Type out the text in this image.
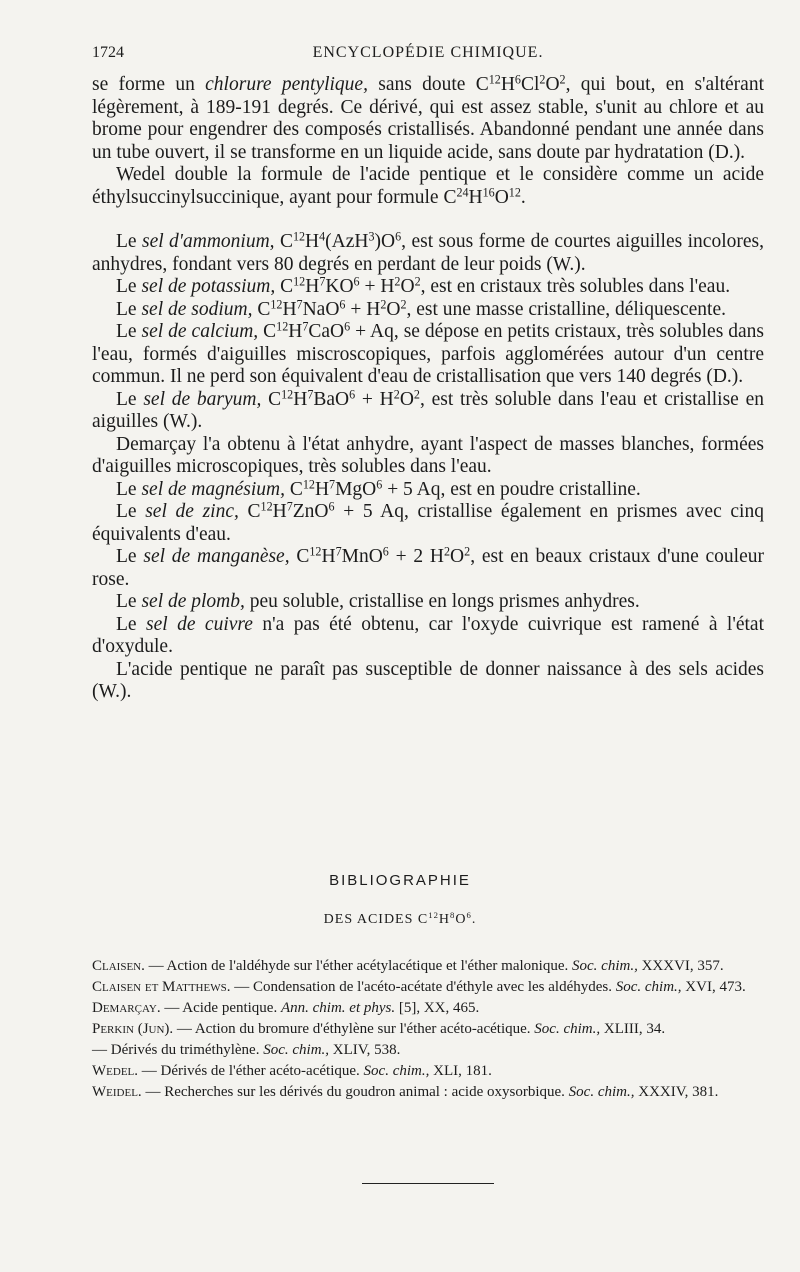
1724	ENCYCLOPÉDIE CHIMIQUE.

se forme un chlorure pentylique, sans doute $C^{12}H^6Cl^2O^2$, qui bout, en s'altérant légèrement, à 189-191 degrés. Ce dérivé, qui est assez stable, s'unit au chlore et au brome pour engendrer des composés cristallisés. Abandonné pendant une année dans un tube ouvert, il se transforme en un liquide acide, sans doute par hydratation (D.).

Wedel double la formule de l'acide pentique et le considère comme un acide éthylsuccinylsuccinique, ayant pour formule $C^{24}H^{16}O^{12}$.

Le sel d'ammonium, $C^{12}H^4(AzH^3)O^6$, est sous forme de courtes aiguilles incolores, anhydres, fondant vers 80 degrés en perdant de leur poids (W.).

Le sel de potassium, $C^{12}H^7KO^6 + H^2O^2$, est en cristaux très solubles dans l'eau.

Le sel de sodium, $C^{12}H^7NaO^6 + H^2O^2$, est une masse cristalline, déliquescente.

Le sel de calcium, $C^{12}H^7CaO^6 + Aq$, se dépose en petits cristaux, très solubles dans l'eau, formés d'aiguilles miscroscopiques, parfois agglomérées autour d'un centre commun. Il ne perd son équivalent d'eau de cristallisation que vers 140 degrés (D.).

Le sel de baryum, $C^{12}H^7BaO^6 + H^2O^2$, est très soluble dans l'eau et cristallise en aiguilles (W.).

Demarçay l'a obtenu à l'état anhydre, ayant l'aspect de masses blanches, formées d'aiguilles microscopiques, très solubles dans l'eau.

Le sel de magnésium, $C^{12}H^7MgO^6 + 5$ Aq, est en poudre cristalline.

Le sel de zinc, $C^{12}H^7ZnO^6 + 5$ Aq, cristallise également en prismes avec cinq équivalents d'eau.

Le sel de manganèse, $C^{12}H^7MnO^6 + 2$ $H^2O^2$, est en beaux cristaux d'une couleur rose.

Le sel de plomb, peu soluble, cristallise en longs prismes anhydres.

Le sel de cuivre n'a pas été obtenu, car l'oxyde cuivrique est ramené à l'état d'oxydule.

L'acide pentique ne paraît pas susceptible de donner naissance à des sels acides (W.).

BIBLIOGRAPHIE
DES ACIDES $C^{12}H^8O^6$.
Claisen. — Action de l'aldéhyde sur l'éther acétylacétique et l'éther malonique. Soc. chim., XXXVI, 357.
Claisen et Matthews. — Condensation de l'acéto-acétate d'éthyle avec les aldéhydes. Soc. chim., XVI, 473.
Demarçay. — Acide pentique. Ann. chim. et phys. [5], XX, 465.
Perkin (Jun). — Action du bromure d'éthylène sur l'éther acéto-acétique. Soc. chim., XLIII, 34.
— Dérivés du triméthylène. Soc. chim., XLIV, 538.
Wedel. — Dérivés de l'éther acéto-acétique. Soc. chim., XLI, 181.
Weidel. — Recherches sur les dérivés du goudron animal : acide oxysorbique. Soc. chim., XXXIV, 381.
